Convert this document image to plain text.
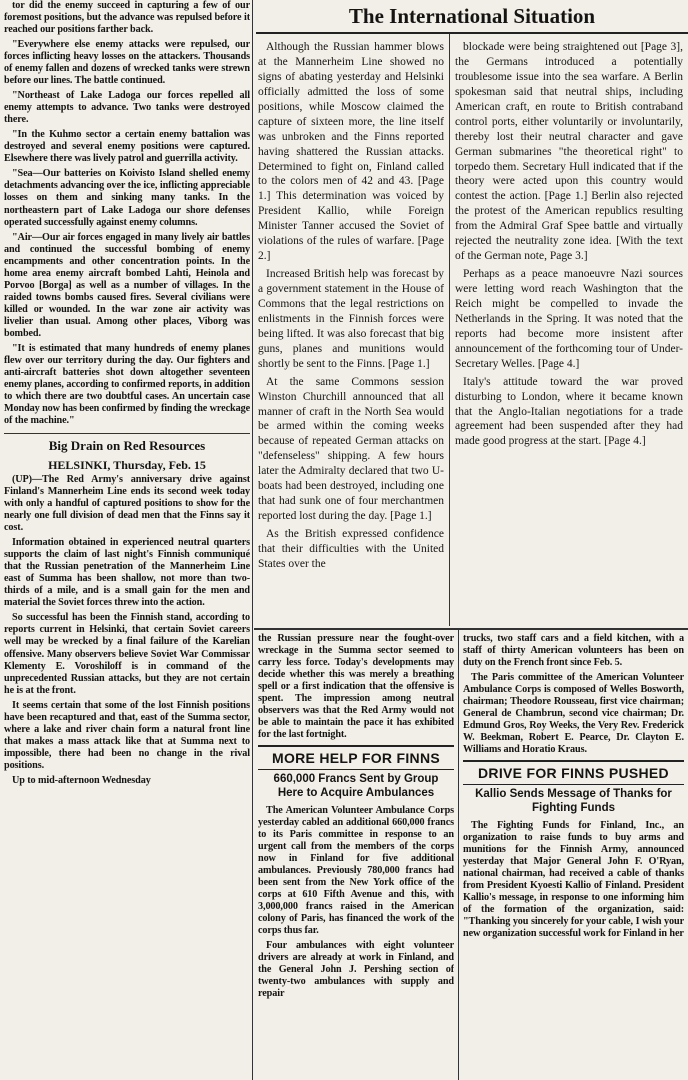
tor did the enemy succeed in capturing a few of our foremost positions, but the advance was repulsed before it reached our positions farther back.

"Everywhere else enemy attacks were repulsed, our forces inflicting heavy losses on the attackers. Thousands of enemy fallen and dozens of wrecked tanks were strewn before our lines. The battle continued.

"Northeast of Lake Ladoga our forces repelled all enemy attempts to advance. Two tanks were destroyed there.

"In the Kuhmo sector a certain enemy battalion was destroyed and several enemy positions were captured. Elsewhere there was lively patrol and guerrilla activity.

"Sea—Our batteries on Koivisto Island shelled enemy detachments advancing over the ice, inflicting appreciable losses on them and sinking many tanks. In the northeastern part of Lake Ladoga our shore defenses operated successfully against enemy columns.

"Air—Our air forces engaged in many lively air battles and continued the successful bombing of enemy encampments and other concentration points. In the home area enemy aircraft bombed Lahti, Heinola and Porvoo [Borga] as well as a number of villages. In the raided towns bombs caused fires. Several civilians were killed or wounded. In the war zone air activity was livelier than usual. Among other places, Viborg was bombed.

"It is estimated that many hundreds of enemy planes flew over our territory during the day. Our fighters and anti-aircraft batteries shot down altogether seventeen enemy planes, according to confirmed reports, in addition to which there are two doubtful cases. An uncertain case Monday now has been confirmed by finding the wreckage of the machine."

Big Drain on Red Resources
HELSINKI, Thursday, Feb. 15

(UP)—The Red Army's anniversary drive against Finland's Mannerheim Line ends its second week today with only a handful of captured positions to show for the nearly one full division of dead men that the Finns say it cost.

Information obtained in experienced neutral quarters supports the claim of last night's Finnish communiqué that the Russian penetration of the Mannerheim Line east of Summa has been shallow, not more than two-thirds of a mile, and is a small gain for the men and material the Soviet forces threw into the action.

So successful has been the Finnish stand, according to reports current in Helsinki, that certain Soviet careers well may be wrecked by a final failure of the Karelian offensive. Many observers believe Soviet War Commissar Klementy E. Voroshiloff is in command of the unprecedented Russian attacks, but they are not certain he is at the front.

It seems certain that some of the lost Finnish positions have been recaptured and that, east of the Summa sector, where a lake and river chain form a natural front line that makes a mass attack like that at Summa next to impossible, there had been no change in the rival positions.

Up to mid-afternoon Wednesday

The International Situation

Although the Russian hammer blows at the Mannerheim Line showed no signs of abating yesterday and Helsinki officially admitted the loss of some positions, while Moscow claimed the capture of sixteen more, the line itself was unbroken and the Finns reported having shattered the Russian attacks. Determined to fight on, Finland called to the colors men of 42 and 43. [Page 1.] This determination was voiced by President Kallio, while Foreign Minister Tanner accused the Soviet of violations of the rules of warfare. [Page 2.]

Increased British help was forecast by a government statement in the House of Commons that the legal restrictions on enlistments in the Finnish forces were being lifted. It was also forecast that big guns, planes and munitions would shortly be sent to the Finns. [Page 1.]

At the same Commons session Winston Churchill announced that all manner of craft in the North Sea would be armed within the coming weeks because of repeated German attacks on "defenseless" shipping. A few hours later the Admiralty declared that two U-boats had been destroyed, including one that had sunk one of four merchantmen reported lost during the day. [Page 1.]

As the British expressed confidence that their difficulties with the United States over the

blockade were being straightened out [Page 3], the Germans introduced a potentially troublesome issue into the sea warfare. A Berlin spokesman said that neutral ships, including American craft, en route to British contraband control ports, either voluntarily or involuntarily, thereby lost their neutral character and gave German submarines "the theoretical right" to torpedo them. Secretary Hull indicated that if the theory were acted upon this country would contest the action. [Page 1.] Berlin also rejected the protest of the American republics resulting from the Admiral Graf Spee battle and virtually rejected the neutrality zone idea. [With the text of the German note, Page 3.]

Perhaps as a peace manoeuvre Nazi sources were letting word reach Washington that the Reich might be compelled to invade the Netherlands in the Spring. It was noted that the reports had become more insistent after announcement of the forthcoming tour of Under-Secretary Welles. [Page 4.]

Italy's attitude toward the war proved disturbing to London, where it became known that the Anglo-Italian negotiations for a trade agreement had been suspended after they had made good progress at the start. [Page 4.]

the Russian pressure near the fought-over wreckage in the Summa sector seemed to carry less force. Today's developments may decide whether this was merely a breathing spell or a first indication that the offensive is spent. The impression among neutral observers was that the Red Army would not be able to maintain the pace it has exhibited for the last fortnight.

MORE HELP FOR FINNS
660,000 Francs Sent by Group Here to Acquire Ambulances

The American Volunteer Ambulance Corps yesterday cabled an additional 660,000 francs to its Paris committee in response to an urgent call from the members of the corps now in Finland for five additional ambulances. Previously 780,000 francs had been sent from the New York office of the corps at 610 Fifth Avenue and this, with 3,000,000 francs raised in the American colony of Paris, has financed the work of the corps thus far.

Four ambulances with eight volunteer drivers are already at work in Finland, and the General John J. Pershing section of twenty-two ambulances with supply and repair

trucks, two staff cars and a field kitchen, with a staff of thirty American volunteers has been on duty on the French front since Feb. 5.

The Paris committee of the American Volunteer Ambulance Corps is composed of Welles Bosworth, chairman; Theodore Rousseau, first vice chairman; General de Chambrun, second vice chairman; Dr. Edmund Gros, Roy Weeks, the Very Rev. Frederick W. Beekman, Robert E. Pearce, Dr. Clayton E. Williams and Horatio Kraus.

DRIVE FOR FINNS PUSHED
Kallio Sends Message of Thanks for Fighting Funds

The Fighting Funds for Finland, Inc., an organization to raise funds to buy arms and munitions for the Finnish Army, announced yesterday that Major General John F. O'Ryan, national chairman, had received a cable of thanks from President Kyoesti Kallio of Finland. President Kallio's message, in response to one informing him of the formation of the organization, said: "Thanking you sincerely for your cable, I wish your new organization successful work for Finland in her
